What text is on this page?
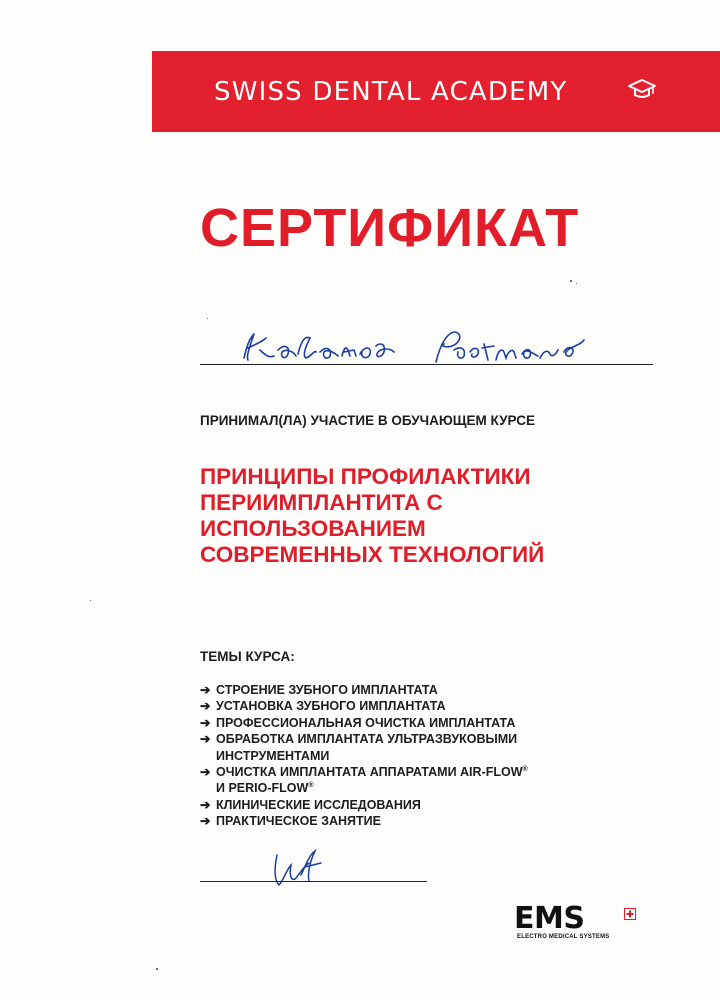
SWISS DENTAL ACADEMY
СЕРТИФИКАТ
Кабанов Ростислав
ПРИНИМАЛ(ЛА) УЧАСТИЕ В ОБУЧАЮЩЕМ КУРСЕ
ПРИНЦИПЫ ПРОФИЛАКТИКИ
ПЕРИИМПЛАНТИТА С
ИСПОЛЬЗОВАНИЕМ
СОВРЕМЕННЫХ ТЕХНОЛОГИЙ
ТЕМЫ КУРСА:
➔ СТРОЕНИЕ ЗУБНОГО ИМПЛАНТАТА
➔ УСТАНОВКА ЗУБНОГО ИМПЛАНТАТА
➔ ПРОФЕССИОНАЛЬНАЯ ОЧИСТКА ИМПЛАНТАТА
➔ ОБРАБОТКА ИМПЛАНТАТА УЛЬТРАЗВУКОВЫМИ
ИНСТРУМЕНТАМИ
➔ ОЧИСТКА ИМПЛАНТАТА АППАРАТАМИ AIR-FLOW®
И PERIO-FLOW®
➔ КЛИНИЧЕСКИЕ ИССЛЕДОВАНИЯ
➔ ПРАКТИЧЕСКОЕ ЗАНЯТИЕ
EMS
ELECTRO MEDICAL SYSTEMS
